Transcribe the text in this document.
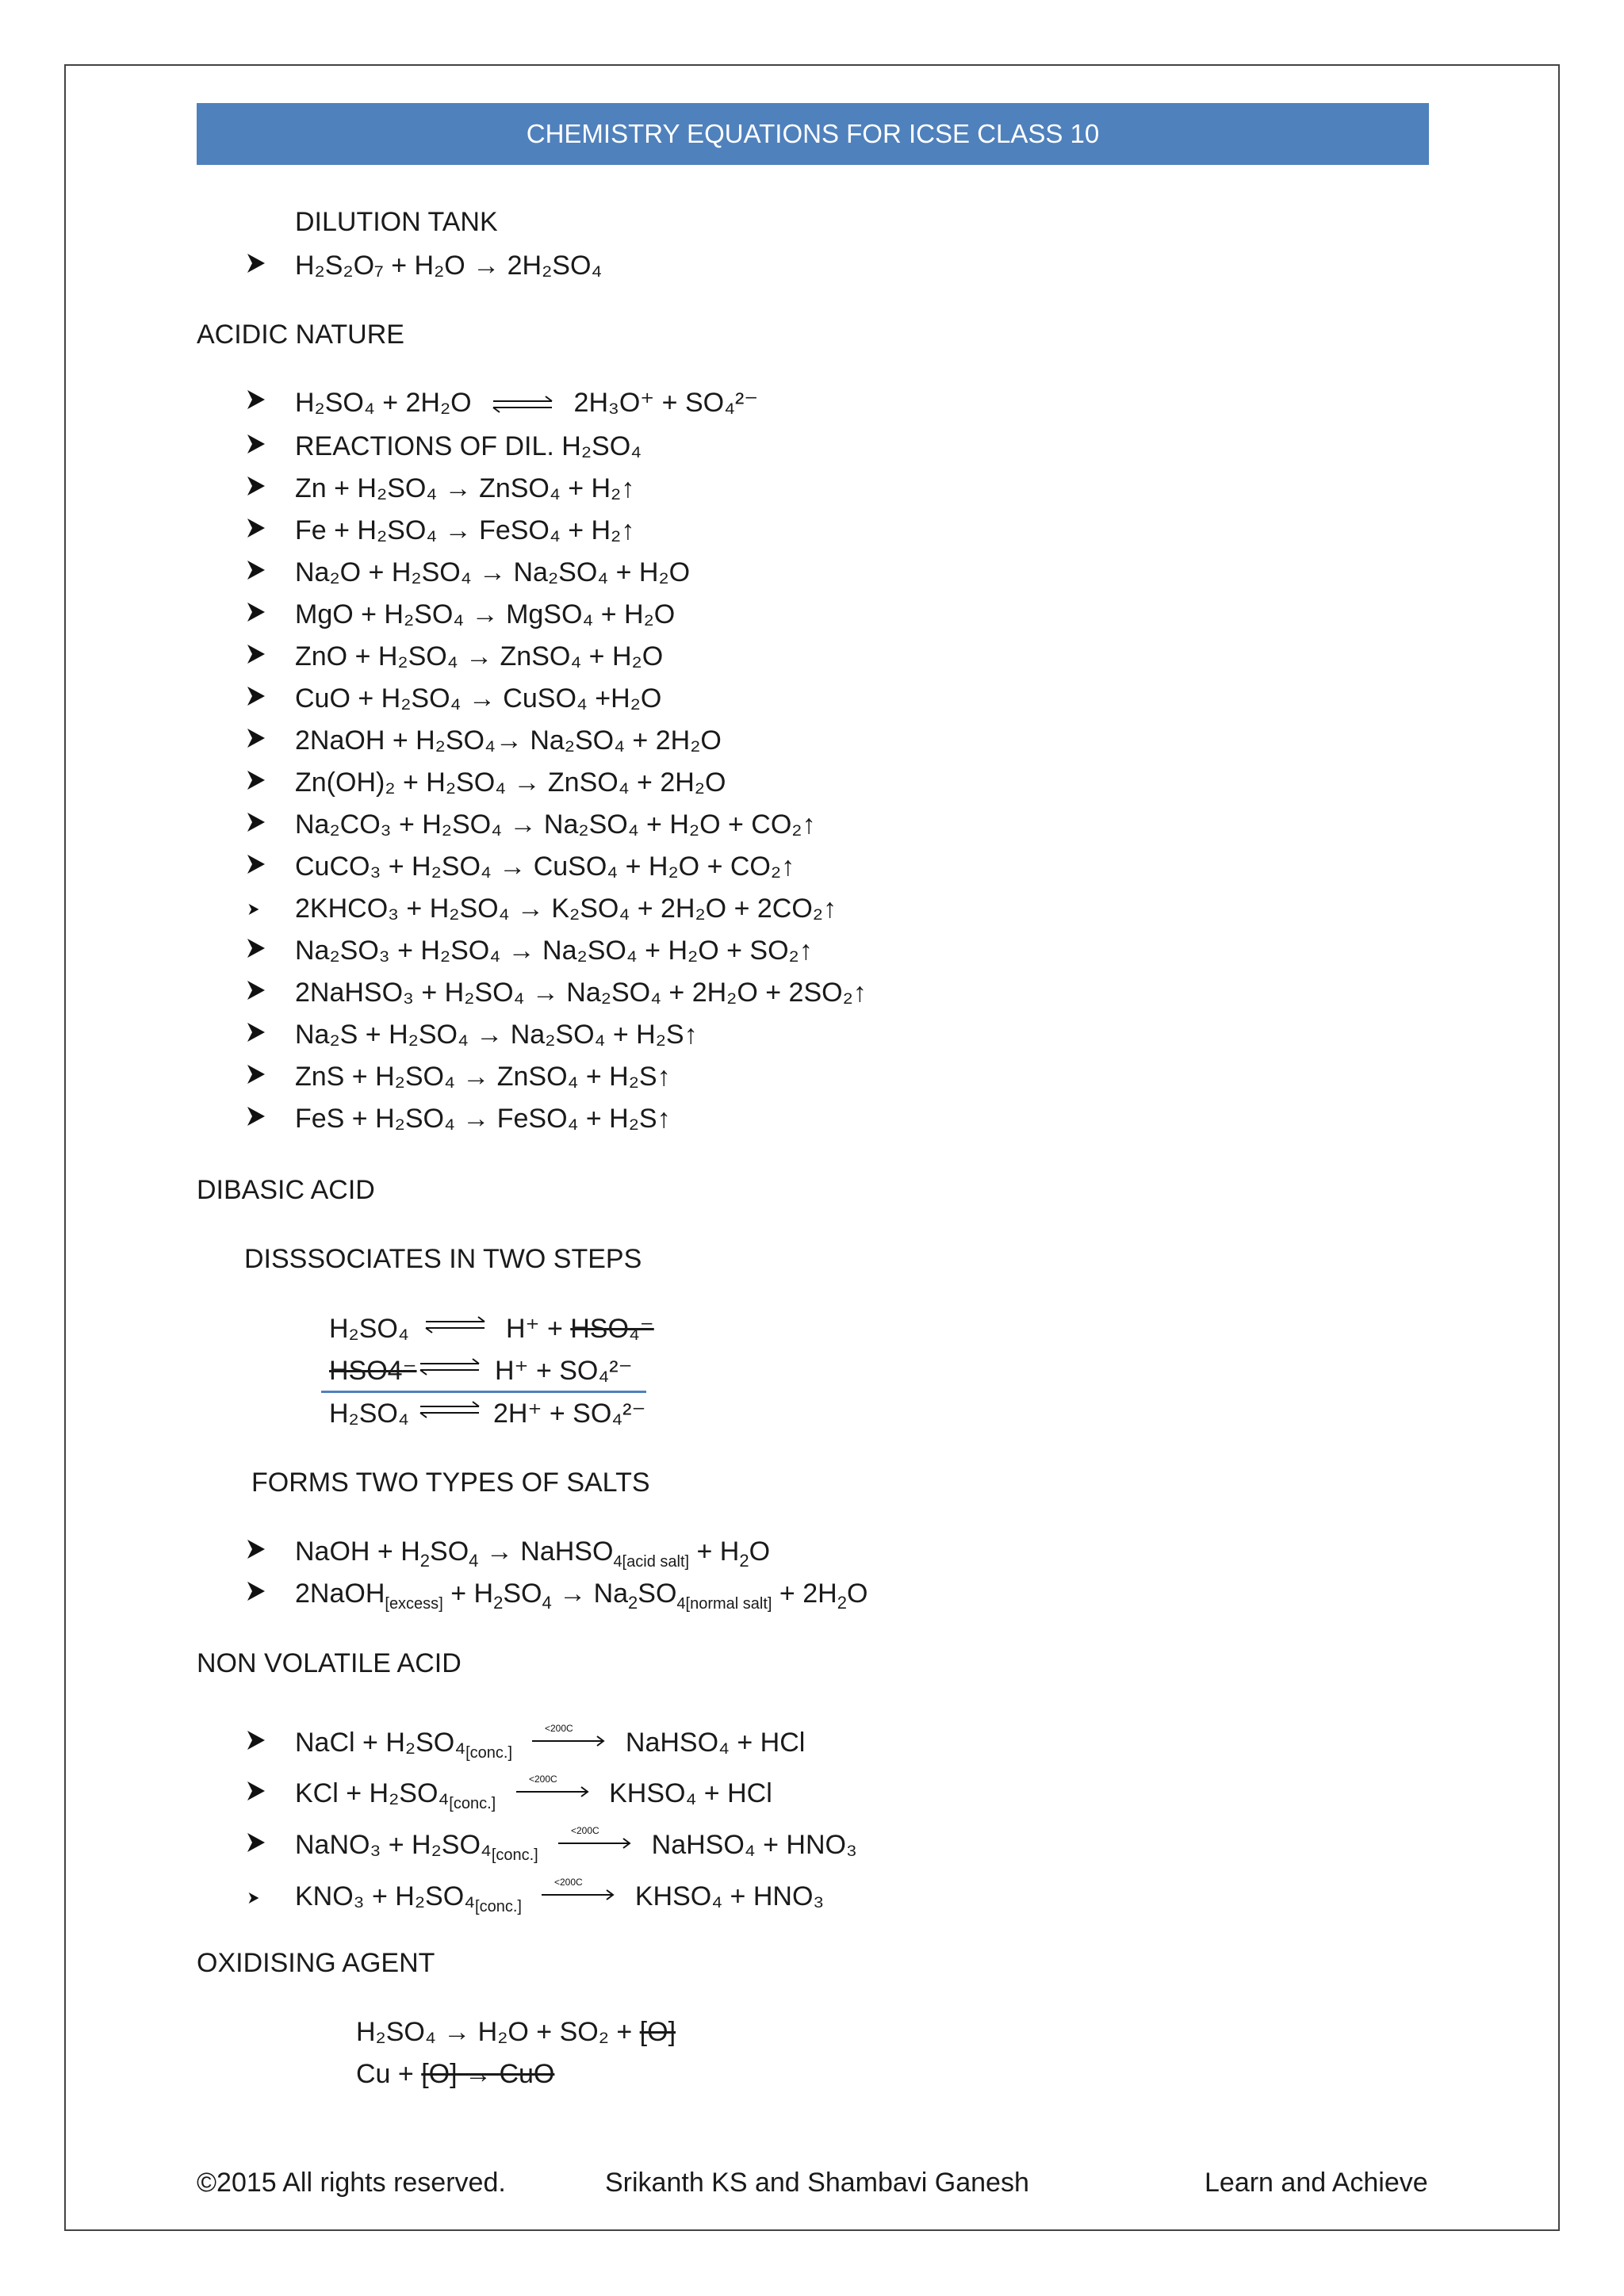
CHEMISTRY EQUATIONS FOR ICSE CLASS 10
DILUTION TANK
H₂S₂O₇ + H₂O → 2H₂SO₄
ACIDIC NATURE
H₂SO₄ + 2H₂O ⇌ 2H₃O⁺ + SO₄²⁻
REACTIONS OF DIL. H₂SO₄
Zn + H₂SO₄ → ZnSO₄ + H₂↑
Fe + H₂SO₄ → FeSO₄ + H₂↑
Na₂O + H₂SO₄ → Na₂SO₄ + H₂O
MgO + H₂SO₄ → MgSO₄ + H₂O
ZnO + H₂SO₄ → ZnSO₄ + H₂O
CuO + H₂SO₄ → CuSO₄ +H₂O
2NaOH + H₂SO₄→ Na₂SO₄ + 2H₂O
Zn(OH)₂ + H₂SO₄ → ZnSO₄ + 2H₂O
Na₂CO₃ + H₂SO₄ → Na₂SO₄ + H₂O + CO₂↑
CuCO₃ + H₂SO₄ → CuSO₄ + H₂O + CO₂↑
2KHCO₃ + H₂SO₄ → K₂SO₄ + 2H₂O + 2CO₂↑
Na₂SO₃ + H₂SO₄ → Na₂SO₄ + H₂O + SO₂↑
2NaHSO₃ + H₂SO₄ → Na₂SO₄ + 2H₂O + 2SO₂↑
Na₂S + H₂SO₄ → Na₂SO₄ + H₂S↑
ZnS + H₂SO₄ → ZnSO₄ + H₂S↑
FeS + H₂SO₄ → FeSO₄ + H₂S↑
DIBASIC ACID
DISSSOCIATES IN TWO STEPS
H₂SO₄	H⁺ + HSO₄⁻
HSO4⁻	H⁺ + SO₄²⁻
H₂SO₄	2H⁺ + SO₄²⁻
FORMS TWO TYPES OF SALTS
NaOH + $H_2SO_4$ → NaHSO$_{4[acid salt]}$ + $H_2O$
2NaOH$_{[excess]}$ + $H_2SO_4 \to Na_2SO_{4[normal salt]} + 2H_2O$
NON VOLATILE ACID
NaCl + $H_2SO_4_{[conc.]}$
<200C NaHSO₄ + HCl
KCl + $H_2SO_4_{[conc.]}$
<200C KHSO₄ + HCl
NaNO₃ + $H_2SO_4_{[conc.]}$
<200C NaHSO₄ + HNO₃
$KNO_3 + H_2SO_4_{[conc.]}$
<200C KHSO₄ + HNO₃
OXIDISING AGENT
H₂SO₄ → H₂O + SO₂ + [O]
Cu + [O] → CuO
©2015 All rights reserved.	Srikanth KS and Shambavi Ganesh	Learn and Achieve
